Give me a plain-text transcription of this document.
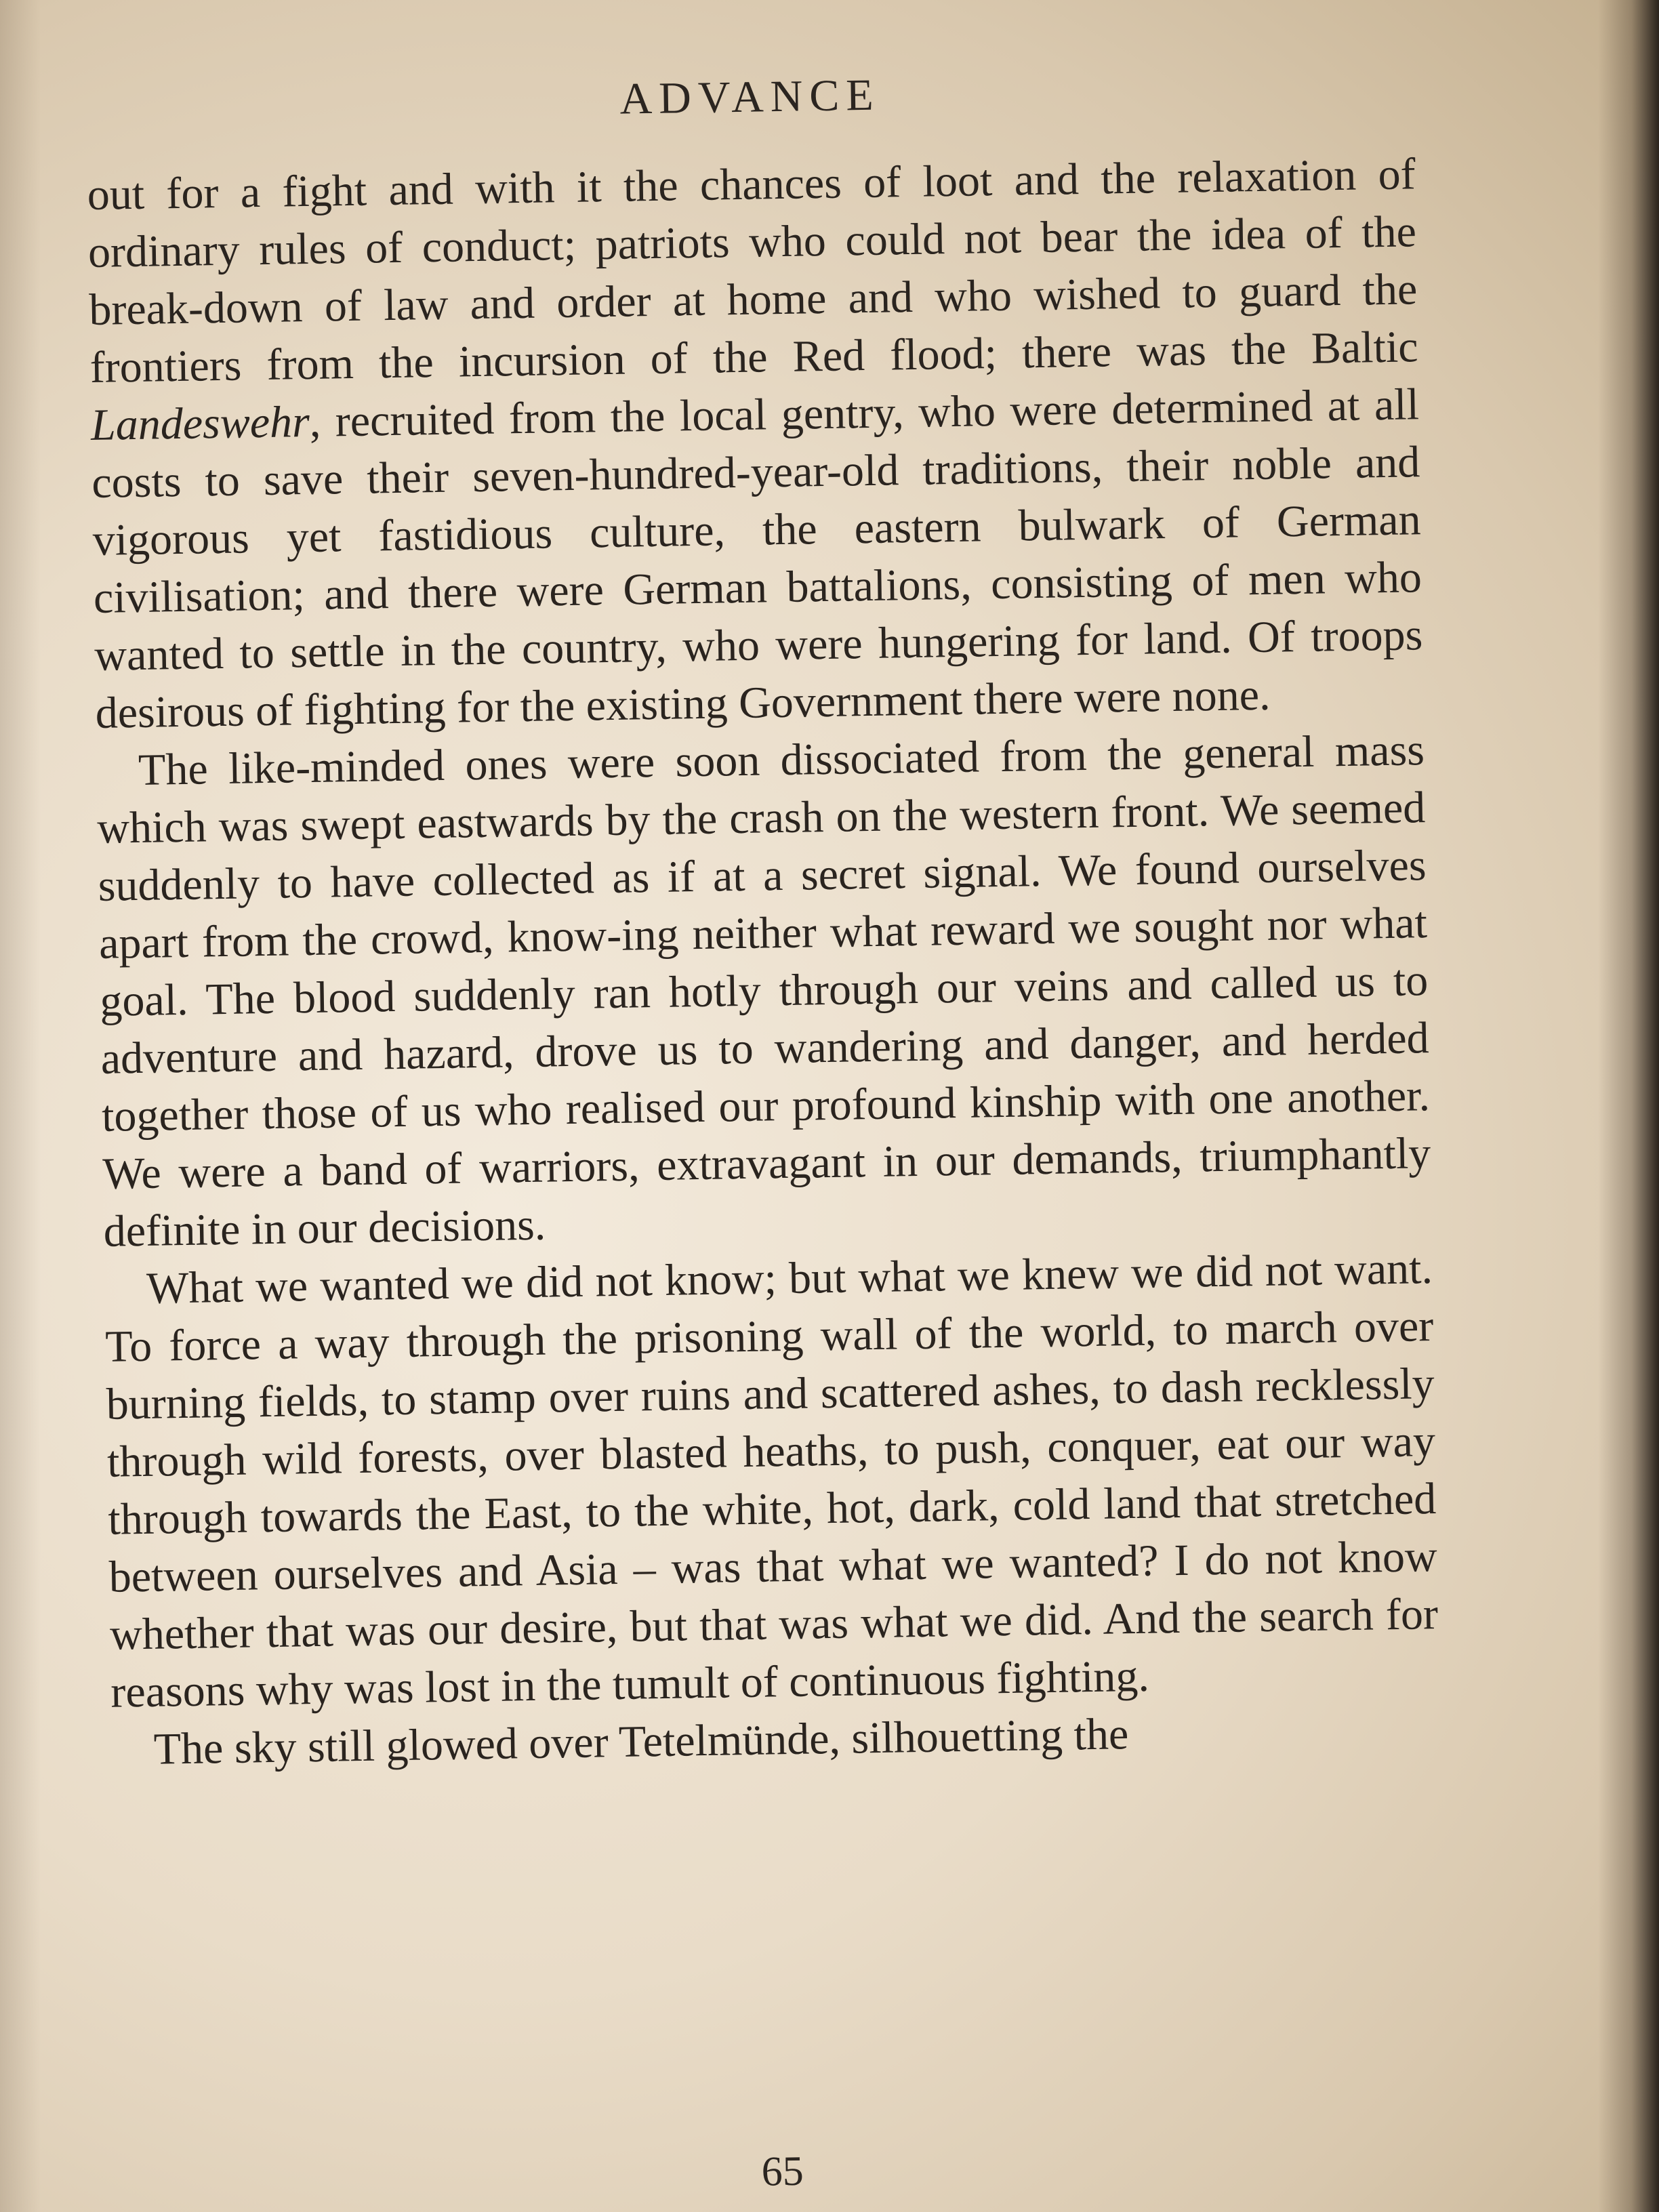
ADVANCE

out for a fight and with it the chances of loot and the relaxation of ordinary rules of conduct; patriots who could not bear the idea of the break-down of law and order at home and who wished to guard the frontiers from the incursion of the Red flood; there was the Baltic Landeswehr, recruited from the local gentry, who were determined at all costs to save their seven-hundred-year-old traditions, their noble and vigorous yet fastidious culture, the eastern bulwark of German civilisation; and there were German battalions, consisting of men who wanted to settle in the country, who were hungering for land. Of troops desirous of fighting for the existing Government there were none.

The like-minded ones were soon dissociated from the general mass which was swept eastwards by the crash on the western front. We seemed suddenly to have collected as if at a secret signal. We found ourselves apart from the crowd, know-ing neither what reward we sought nor what goal. The blood suddenly ran hotly through our veins and called us to adventure and hazard, drove us to wandering and danger, and herded together those of us who realised our profound kinship with one another. We were a band of warriors, extravagant in our demands, triumphantly definite in our decisions.

What we wanted we did not know; but what we knew we did not want. To force a way through the prisoning wall of the world, to march over burning fields, to stamp over ruins and scattered ashes, to dash recklessly through wild forests, over blasted heaths, to push, conquer, eat our way through towards the East, to the white, hot, dark, cold land that stretched between ourselves and Asia – was that what we wanted? I do not know whether that was our desire, but that was what we did. And the search for reasons why was lost in the tumult of continuous fighting.

The sky still glowed over Tetelmünde, silhouetting the

65
